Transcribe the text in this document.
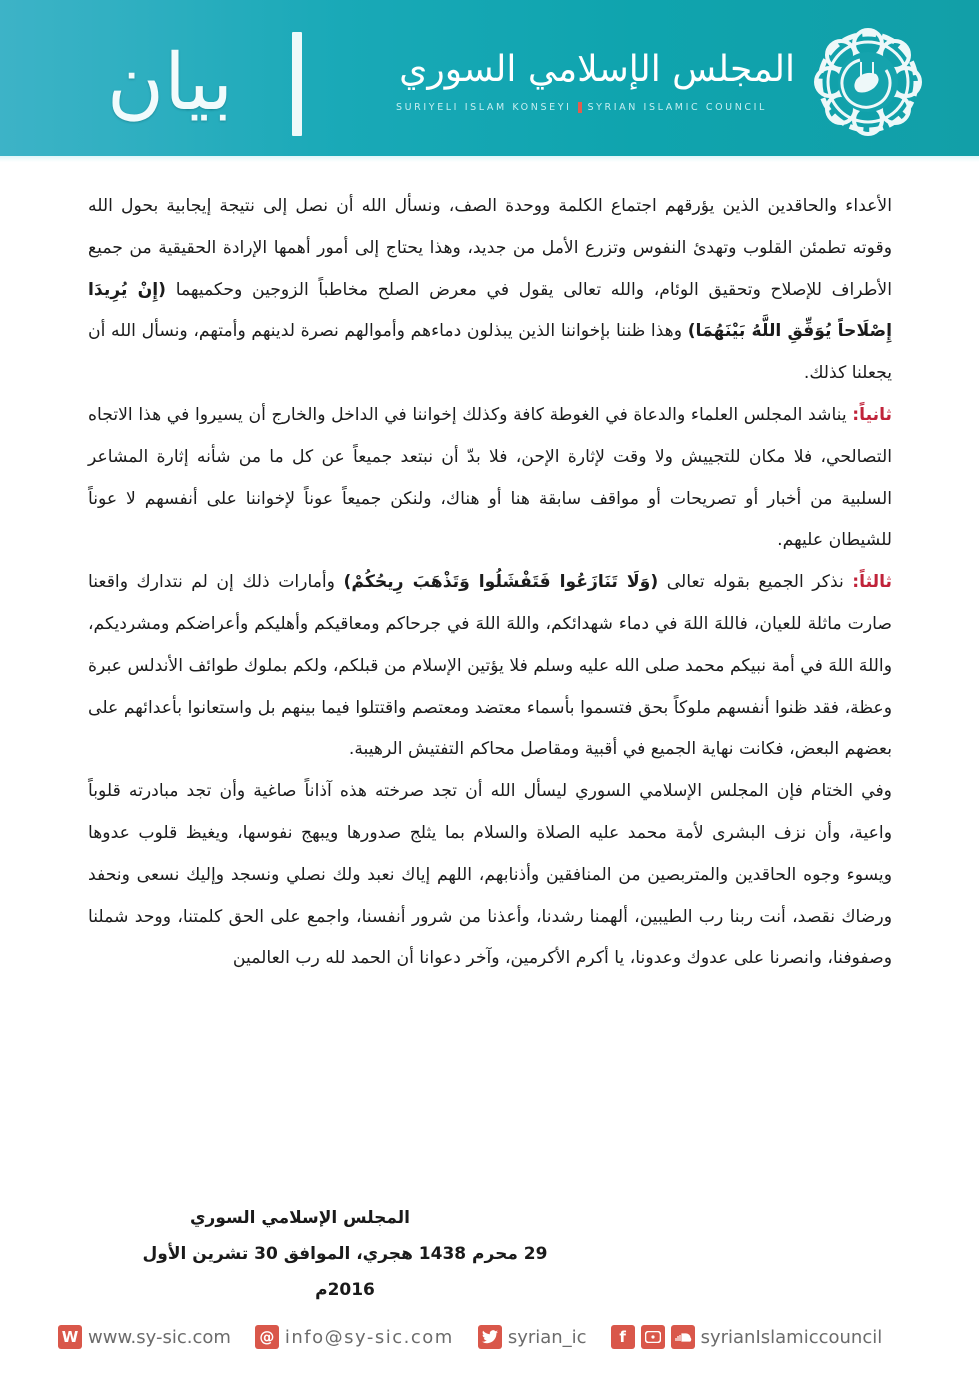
بيان	المجلس الإسلامي السوري
SURIYELI ISLAM KONSEYI SYRIAN ISLAMIC COUNCIL

الأعداء والحاقدين الذين يؤرقهم اجتماع الكلمة ووحدة الصف، ونسأل الله أن نصل إلى نتيجة إيجابية بحول الله وقوته تطمئن القلوب وتهدئ النفوس وتزرع الأمل من جديد، وهذا يحتاج إلى أمور أهمها الإرادة الحقيقية من جميع الأطراف للإصلاح وتحقيق الوئام، والله تعالى يقول في معرض الصلح مخاطباً الزوجين وحكميهما (إِنْ يُرِيدَا إِصْلَاحاً يُوَفِّقِ اللَّهُ بَيْنَهُمَا) وهذا ظننا بإخواننا الذين يبذلون دماءهم وأموالهم نصرة لدينهم وأمتهم، ونسأل الله أن يجعلنا كذلك.

ثانياً: يناشد المجلس العلماء والدعاة في الغوطة كافة وكذلك إخواننا في الداخل والخارج أن يسيروا في هذا الاتجاه التصالحي، فلا مكان للتجييش ولا وقت لإثارة الإحن، فلا بدّ أن نبتعد جميعاً عن كل ما من شأنه إثارة المشاعر السلبية من أخبار أو تصريحات أو مواقف سابقة هنا أو هناك، ولنكن جميعاً عوناً لإخواننا على أنفسهم لا عوناً للشيطان عليهم.

ثالثاً: نذكر الجميع بقوله تعالى (وَلَا تَنَازَعُوا فَتَفْشَلُوا وَتَذْهَبَ رِيحُكُمْ) وأمارات ذلك إن لم نتدارك واقعنا صارت ماثلة للعيان، فاللهَ اللهَ في دماء شهدائكم، واللهَ اللهَ في جرحاكم ومعاقيكم وأهليكم وأعراضكم ومشرديكم، واللهَ اللهَ في أمة نبيكم محمد صلى الله عليه وسلم فلا يؤتين الإسلام من قبلكم، ولكم بملوك طوائف الأندلس عبرة وعظة، فقد ظنوا أنفسهم ملوكاً بحق فتسموا بأسماء معتضد ومعتصم واقتتلوا فيما بينهم بل واستعانوا بأعدائهم على بعضهم البعض، فكانت نهاية الجميع في أقبية ومقاصل محاكم التفتيش الرهيبة.

وفي الختام فإن المجلس الإسلامي السوري ليسأل الله أن تجد صرخته هذه آذاناً صاغية وأن تجد مبادرته قلوباً واعية، وأن نزف البشرى لأمة محمد عليه الصلاة والسلام بما يثلج صدورها ويبهج نفوسها، ويغيظ قلوب عدوها ويسوء وجوه الحاقدين والمتربصين من المنافقين وأذنابهم، اللهم إياك نعبد ولك نصلي ونسجد وإليك نسعى ونحفد ورضاك نقصد، أنت ربنا رب الطيبين، ألهمنا رشدنا، وأعذنا من شرور أنفسنا، واجمع على الحق كلمتنا، ووحد شملنا وصفوفنا، وانصرنا على عدوك وعدونا، يا أكرم الأكرمين، وآخر دعوانا أن الحمد لله رب العالمين

المجلس الإسلامي السوري
29 محرم 1438 هجري، الموافق 30 تشرين الأول 2016م
W www.sy-sic.com	@ info@sy-sic.com	syrian_ic	f	syrianIslamiccouncil
